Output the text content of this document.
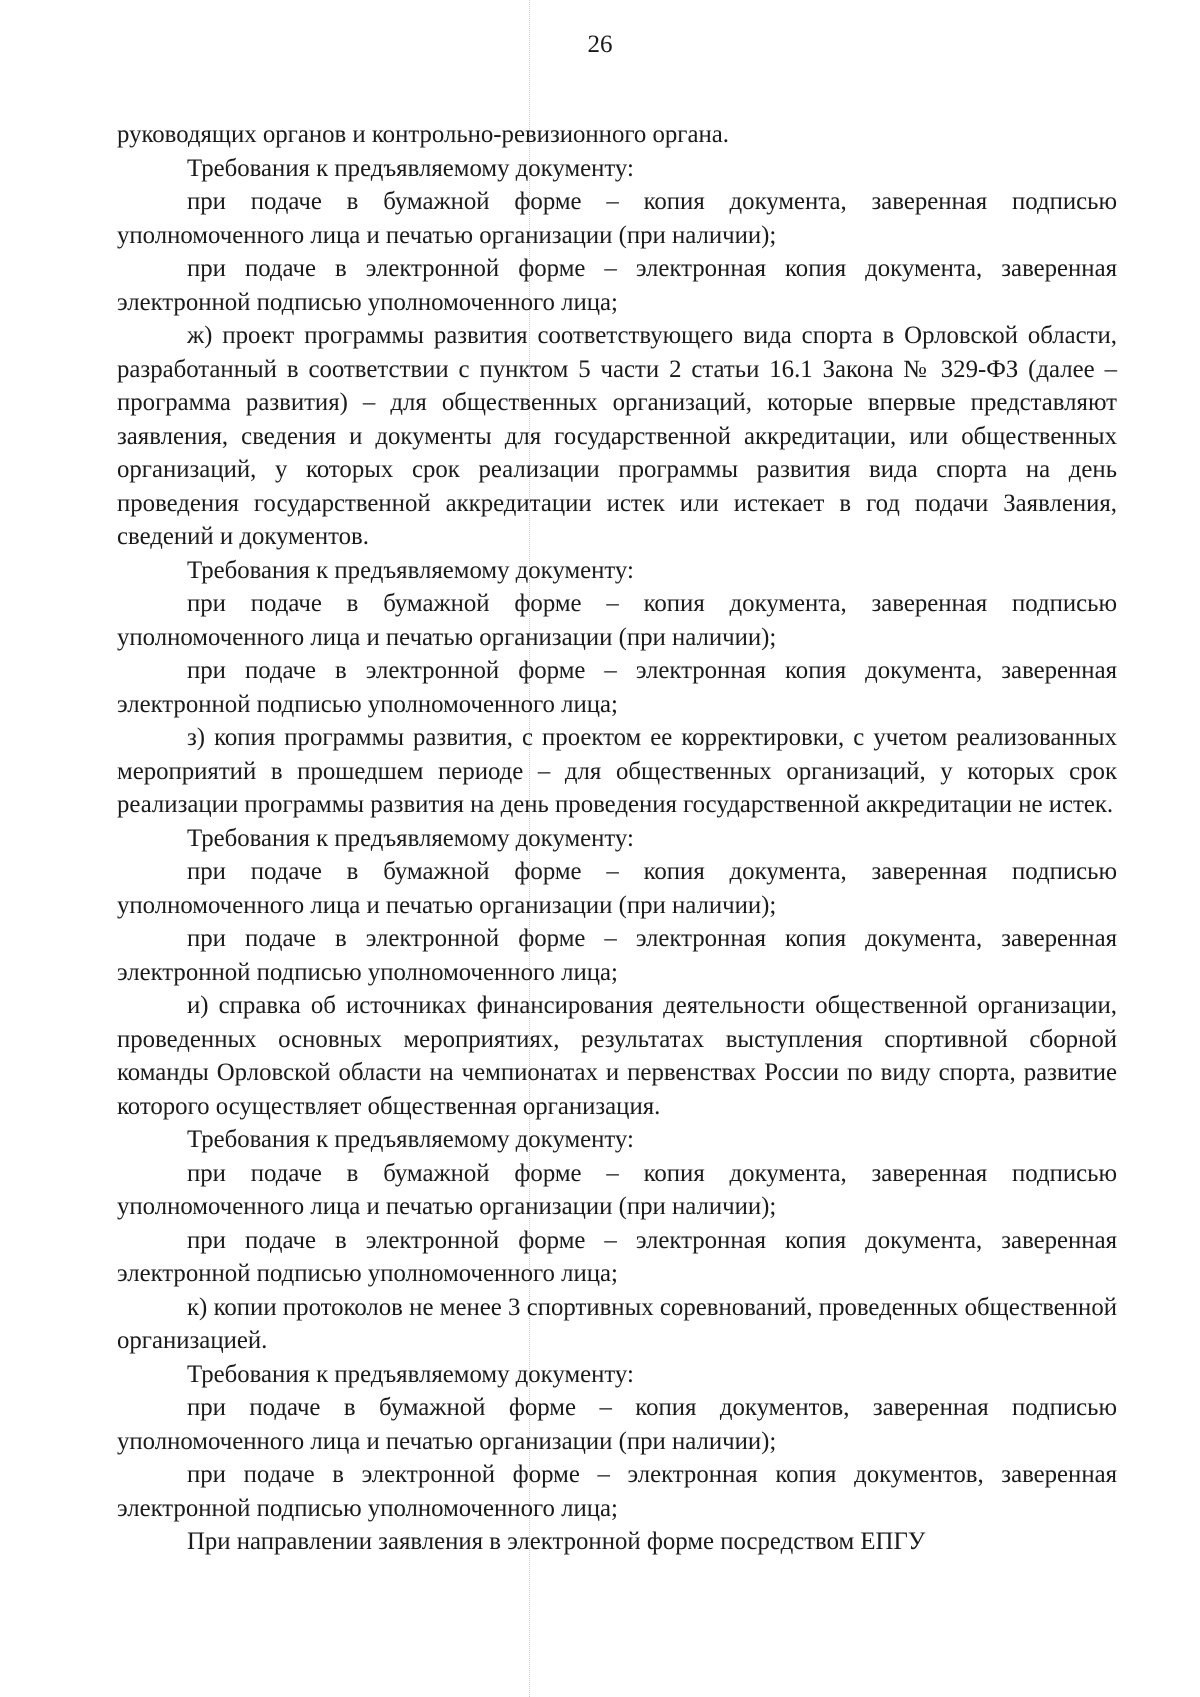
26

руководящих органов и контрольно-ревизионного органа.

Требования к предъявляемому документу:

при подаче в бумажной форме – копия документа, заверенная подписью уполномоченного лица и печатью организации (при наличии);

при подаче в электронной форме – электронная копия документа, заверенная электронной подписью уполномоченного лица;

ж) проект программы развития соответствующего вида спорта в Орловской области, разработанный в соответствии с пунктом 5 части 2 статьи 16.1 Закона № 329-ФЗ (далее – программа развития) – для общественных организаций, которые впервые представляют заявления, сведения и документы для государственной аккредитации, или общественных организаций, у которых срок реализации программы развития вида спорта на день проведения государственной аккредитации истек или истекает в год подачи Заявления, сведений и документов.

Требования к предъявляемому документу:

при подаче в бумажной форме – копия документа, заверенная подписью уполномоченного лица и печатью организации (при наличии);

при подаче в электронной форме – электронная копия документа, заверенная электронной подписью уполномоченного лица;

з) копия программы развития, с проектом ее корректировки, с учетом реализованных мероприятий в прошедшем периоде – для общественных организаций, у которых срок реализации программы развития на день проведения государственной аккредитации не истек.

Требования к предъявляемому документу:

при подаче в бумажной форме – копия документа, заверенная подписью уполномоченного лица и печатью организации (при наличии);

при подаче в электронной форме – электронная копия документа, заверенная электронной подписью уполномоченного лица;

и) справка об источниках финансирования деятельности общественной организации, проведенных основных мероприятиях, результатах выступления спортивной сборной команды Орловской области на чемпионатах и первенствах России по виду спорта, развитие которого осуществляет общественная организация.

Требования к предъявляемому документу:

при подаче в бумажной форме – копия документа, заверенная подписью уполномоченного лица и печатью организации (при наличии);

при подаче в электронной форме – электронная копия документа, заверенная электронной подписью уполномоченного лица;

к) копии протоколов не менее 3 спортивных соревнований, проведенных общественной организацией.

Требования к предъявляемому документу:

при подаче в бумажной форме – копия документов, заверенная подписью уполномоченного лица и печатью организации (при наличии);

при подаче в электронной форме – электронная копия документов, заверенная электронной подписью уполномоченного лица;

При направлении заявления в электронной форме посредством ЕПГУ
